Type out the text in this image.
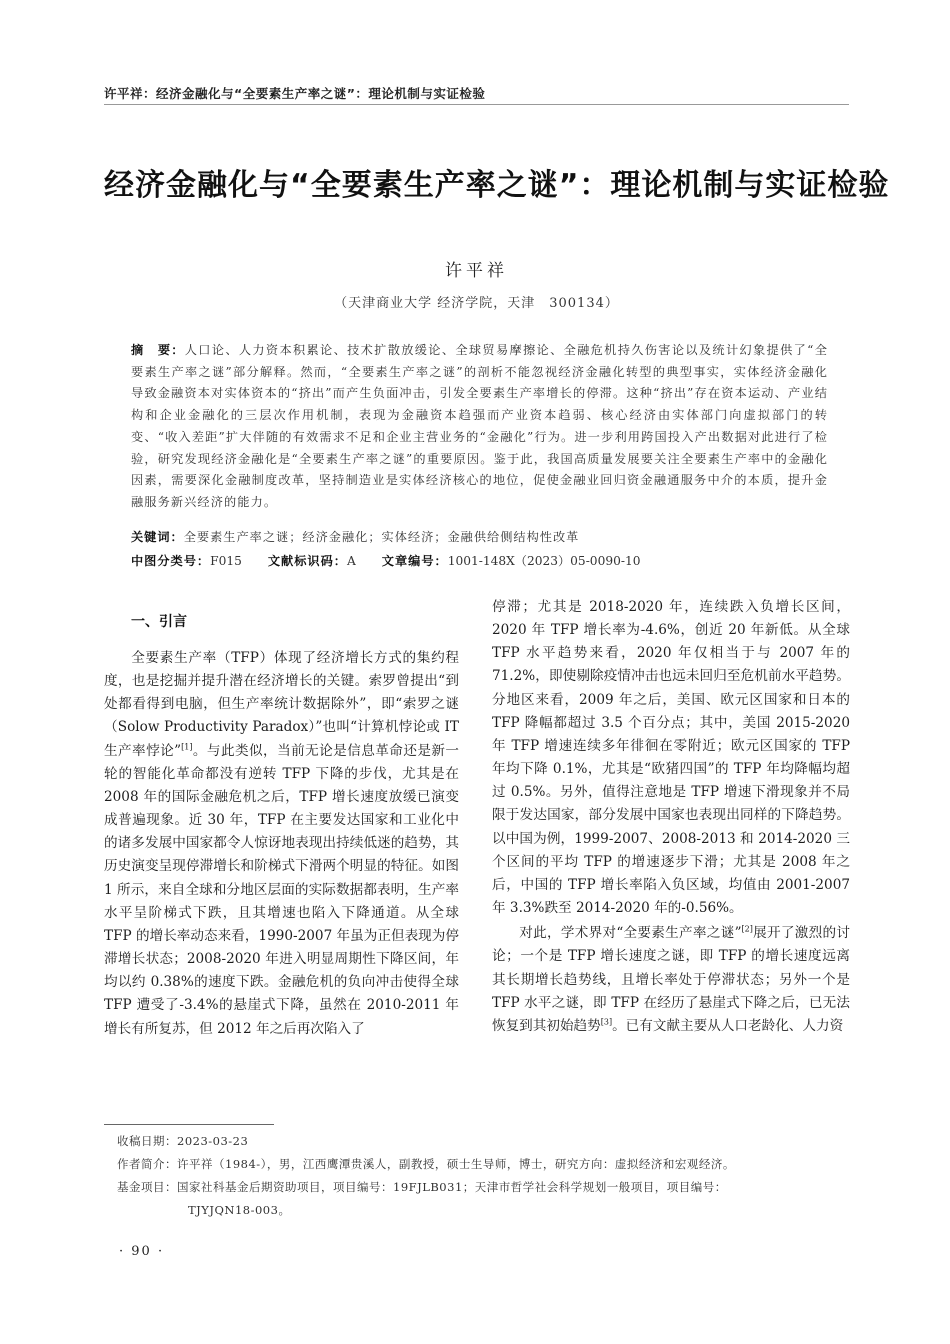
许平祥：经济金融化与“全要素生产率之谜”：理论机制与实证检验
经济金融化与“全要素生产率之谜”：理论机制与实证检验
许平祥
（天津商业大学 经济学院，天津　300134）
摘　要：人口论、人力资本积累论、技术扩散放缓论、全球贸易摩擦论、全融危机持久伤害论以及统计幻象提供了“全要素生产率之谜”部分解释。然而，“全要素生产率之谜”的剖析不能忽视经济金融化转型的典型事实，实体经济金融化导致金融资本对实体资本的“挤出”而产生负面冲击，引发全要素生产率增长的停滞。这种“挤出”存在资本运动、产业结构和企业金融化的三层次作用机制，表现为金融资本趋强而产业资本趋弱、核心经济由实体部门向虚拟部门的转变、“收入差距”扩大伴随的有效需求不足和企业主营业务的“金融化”行为。进一步利用跨国投入产出数据对此进行了检验，研究发现经济金融化是“全要素生产率之谜”的重要原因。鉴于此，我国高质量发展要关注全要素生产率中的金融化因素，需要深化金融制度改革，坚持制造业是实体经济核心的地位，促使金融业回归资金融通服务中介的本质，提升金融服务新兴经济的能力。
关键词：全要素生产率之谜；经济金融化；实体经济；金融供给侧结构性改革
中图分类号：F015 文献标识码：A 文章编号：1001-148X（2023）05-0090-10
一、引言

全要素生产率（TFP）体现了经济增长方式的集约程度，也是挖掘并提升潜在经济增长的关键。索罗曾提出“到处都看得到电脑，但生产率统计数据除外”，即“索罗之谜（Solow Productivity Paradox）”也叫“计算机悖论或 IT 生产率悖论”[1]。与此类似，当前无论是信息革命还是新一轮的智能化革命都没有逆转 TFP 下降的步伐，尤其是在 2008 年的国际金融危机之后，TFP 增长速度放缓已演变成普遍现象。近 30 年，TFP 在主要发达国家和工业化中的诸多发展中国家都令人惊讶地表现出持续低迷的趋势，其历史演变呈现停滞增长和阶梯式下滑两个明显的特征。如图 1 所示，来自全球和分地区层面的实际数据都表明，生产率水平呈阶梯式下跌，且其增速也陷入下降通道。从全球 TFP 的增长率动态来看，1990-2007 年虽为正但表现为停滞增长状态；2008-2020 年进入明显周期性下降区间，年均以约 0.38%的速度下跌。金融危机的负向冲击使得全球 TFP 遭受了-3.4%的悬崖式下降，虽然在 2010-2011 年增长有所复苏，但 2012 年之后再次陷入了

停滞；尤其是 2018-2020 年，连续跌入负增长区间，2020 年 TFP 增长率为-4.6%，创近 20 年新低。从全球 TFP 水平趋势来看，2020 年仅相当于与 2007 年的 71.2%，即使剔除疫情冲击也远未回归至危机前水平趋势。分地区来看，2009 年之后，美国、欧元区国家和日本的 TFP 降幅都超过 3.5 个百分点；其中，美国 2015-2020 年 TFP 增速连续多年徘徊在零附近；欧元区国家的 TFP 年均下降 0.1%，尤其是“欧猪四国”的 TFP 年均降幅均超过 0.5%。另外，值得注意地是 TFP 增速下滑现象并不局限于发达国家，部分发展中国家也表现出同样的下降趋势。以中国为例，1999-2007、2008-2013 和 2014-2020 三个区间的平均 TFP 的增速逐步下滑；尤其是 2008 年之后，中国的 TFP 增长率陷入负区域，均值由 2001-2007 年 3.3%跌至 2014-2020 年的-0.56%。

对此，学术界对“全要素生产率之谜”[2]展开了激烈的讨论；一个是 TFP 增长速度之谜，即 TFP 的增长速度远离其长期增长趋势线，且增长率处于停滞状态；另外一个是 TFP 水平之谜，即 TFP 在经历了悬崖式下降之后，已无法恢复到其初始趋势[3]。已有文献主要从人口老龄化、人力资

收稿日期：2023-03-23

作者简介：许平祥（1984-），男，江西鹰潭贵溪人，副教授，硕士生导师，博士，研究方向：虚拟经济和宏观经济。

基金项目：国家社科基金后期资助项目，项目编号：19FJLB031；天津市哲学社会科学规划一般项目，项目编号：

TJYJQN18-003。

· 90 ·
